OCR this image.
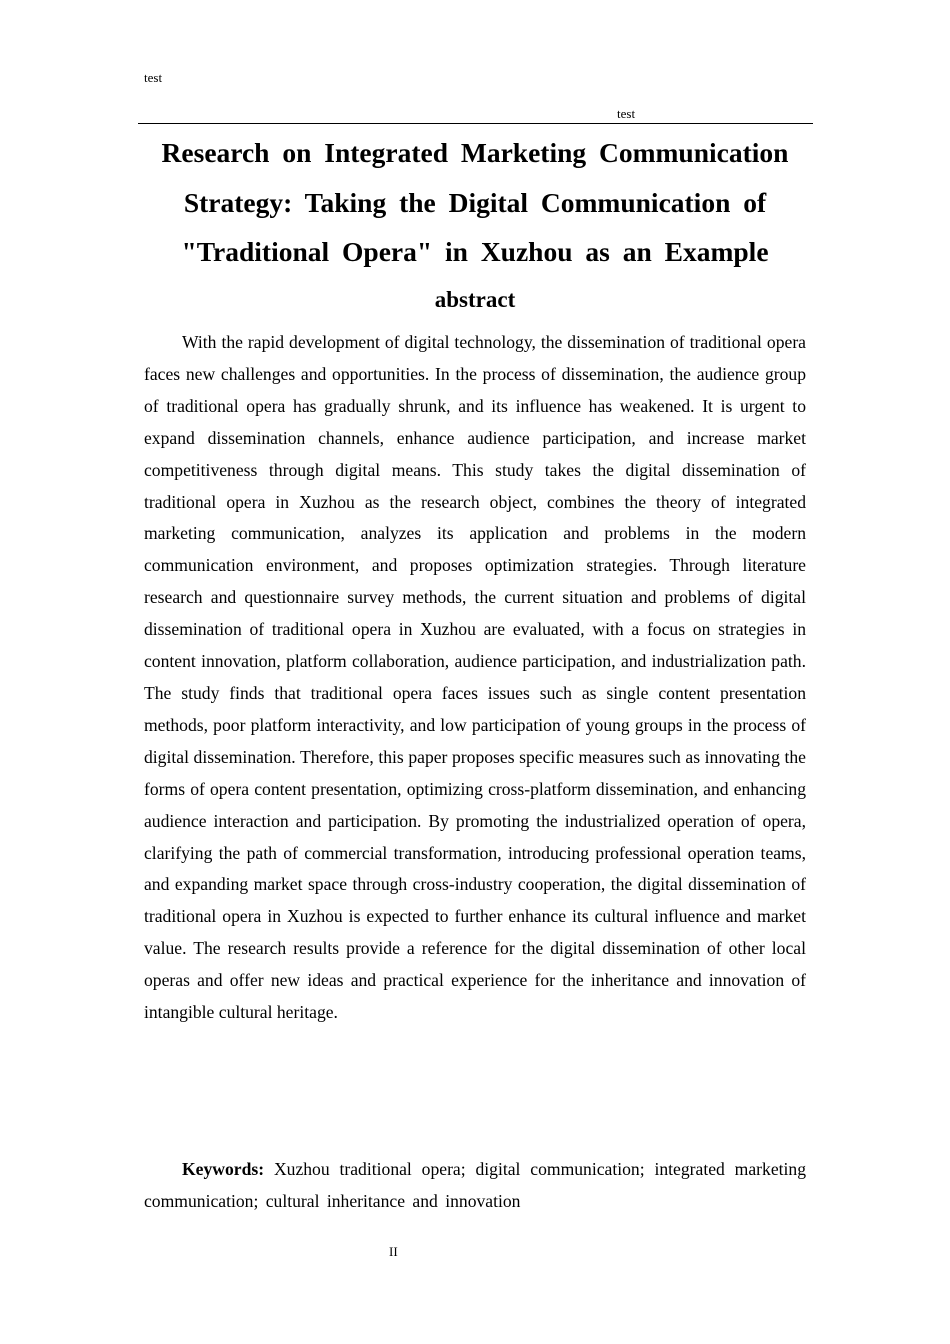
test
test
Research on Integrated Marketing Communication Strategy: Taking the Digital Communication of "Traditional Opera" in Xuzhou as an Example
abstract

With the rapid development of digital technology, the dissemination of traditional opera faces new challenges and opportunities. In the process of dissemination, the audience group of traditional opera has gradually shrunk, and its influence has weakened. It is urgent to expand dissemination channels, enhance audience participation, and increase market competitiveness through digital means. This study takes the digital dissemination of traditional opera in Xuzhou as the research object, combines the theory of integrated marketing communication, analyzes its application and problems in the modern communication environment, and proposes optimization strategies. Through literature research and questionnaire survey methods, the current situation and problems of digital dissemination of traditional opera in Xuzhou are evaluated, with a focus on strategies in content innovation, platform collaboration, audience participation, and industrialization path. The study finds that traditional opera faces issues such as single content presentation methods, poor platform interactivity, and low participation of young groups in the process of digital dissemination. Therefore, this paper proposes specific measures such as innovating the forms of opera content presentation, optimizing cross-platform dissemination, and enhancing audience interaction and participation. By promoting the industrialized operation of opera, clarifying the path of commercial transformation, introducing professional operation teams, and expanding market space through cross-industry cooperation, the digital dissemination of traditional opera in Xuzhou is expected to further enhance its cultural influence and market value. The research results provide a reference for the digital dissemination of other local operas and offer new ideas and practical experience for the inheritance and innovation of intangible cultural heritage.

Keywords: Xuzhou traditional opera; digital communication; integrated marketing communication; cultural inheritance and innovation

II
